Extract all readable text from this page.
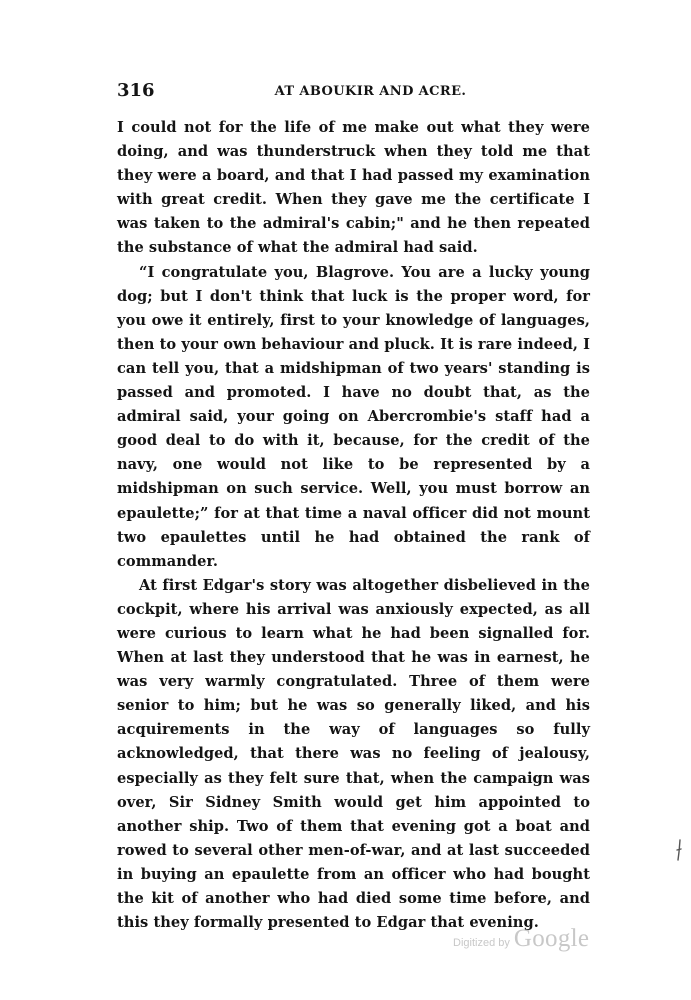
316	AT ABOUKIR AND ACRE.

I could not for the life of me make out what they were doing, and was thunderstruck when they told me that they were a board, and that I had passed my examination with great credit. When they gave me the certificate I was taken to the admiral's cabin;" and he then repeated the substance of what the admiral had said.

“I congratulate you, Blagrove. You are a lucky young dog; but I don't think that luck is the proper word, for you owe it entirely, first to your knowledge of languages, then to your own behaviour and pluck. It is rare indeed, I can tell you, that a midshipman of two years' standing is passed and promoted. I have no doubt that, as the admiral said, your going on Abercrombie's staff had a good deal to do with it, because, for the credit of the navy, one would not like to be represented by a midshipman on such service. Well, you must borrow an epaulette;” for at that time a naval officer did not mount two epaulettes until he had obtained the rank of commander.

At first Edgar's story was altogether disbelieved in the cockpit, where his arrival was anxiously expected, as all were curious to learn what he had been signalled for. When at last they understood that he was in earnest, he was very warmly congratulated. Three of them were senior to him; but he was so generally liked, and his acquirements in the way of languages so fully acknowledged, that there was no feeling of jealousy, especially as they felt sure that, when the campaign was over, Sir Sidney Smith would get him appointed to another ship. Two of them that evening got a boat and rowed to several other men-of-war, and at last succeeded in buying an epaulette from an officer who had bought the kit of another who had died some time before, and this they formally presented to Edgar that evening.

Digitized by Google
